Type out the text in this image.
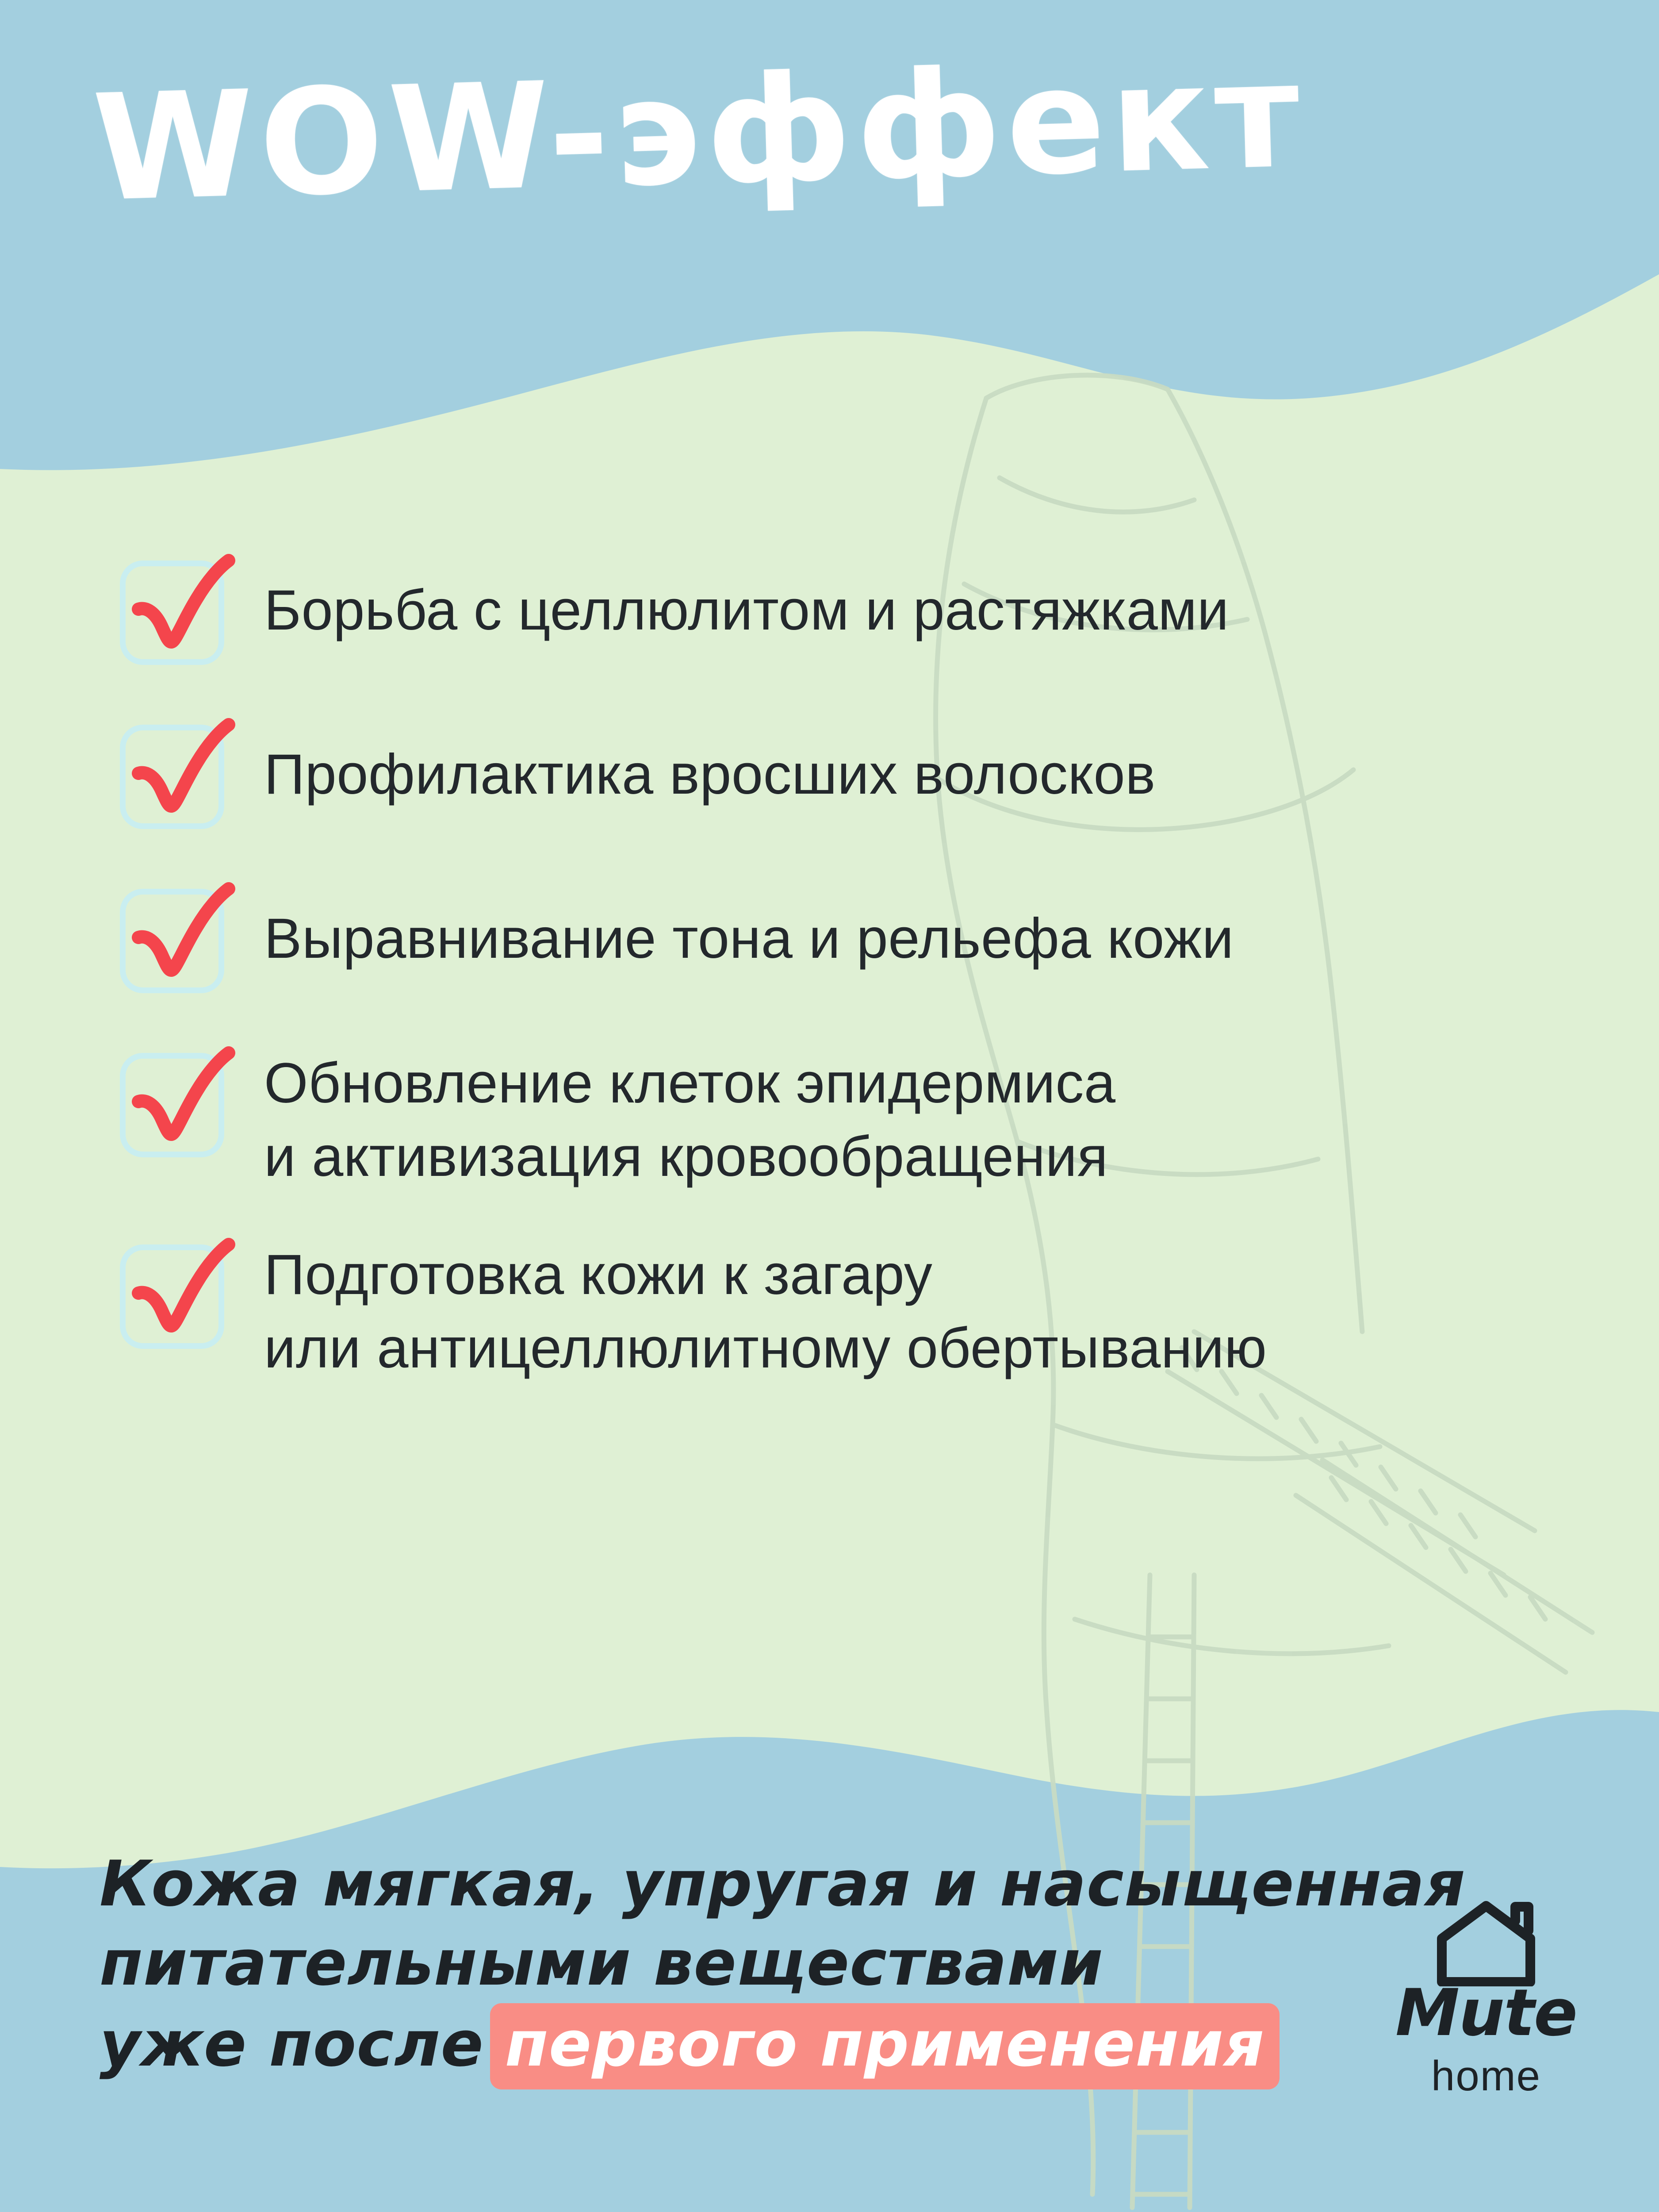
WOW-эффект
Борьба с целлюлитом и растяжками
Профилактика вросших волосков
Выравнивание тона и рельефа кожи
Обновление клеток эпидермиса
и активизация кровообращения
Подготовка кожи к загару
или антицеллюлитному обертыванию
Кожа мягкая, упругая и насыщенная
питательными веществами
уже после первого применения	Mute
home
